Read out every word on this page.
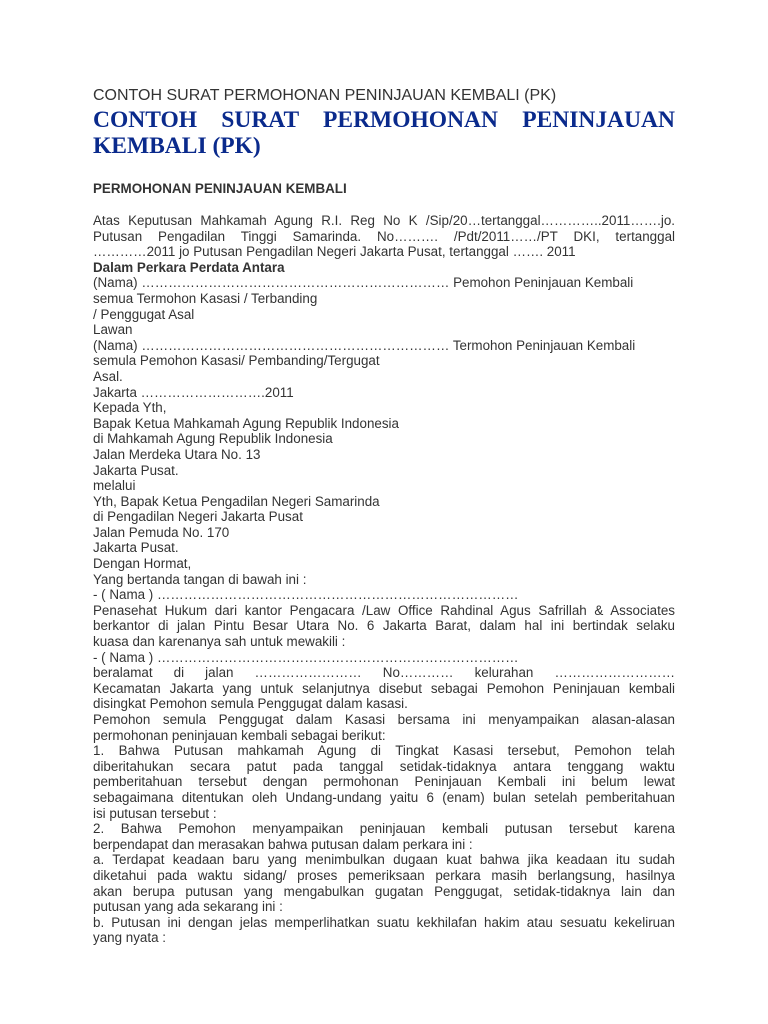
CONTOH SURAT PERMOHONAN PENINJAUAN KEMBALI (PK)
CONTOH SURAT PERMOHONAN PENINJAUAN
KEMBALI (PK)
PERMOHONAN PENINJAUAN KEMBALI
Atas Keputusan Mahkamah Agung R.I. Reg No K /Sip/20…tertanggal…………..2011…….jo.
Putusan Pengadilan Tinggi Samarinda. No………. /Pdt/2011……/PT DKI, tertanggal
…………2011 jo Putusan Pengadilan Negeri Jakarta Pusat, tertanggal ……. 2011
Dalam Perkara Perdata Antara
(Nama) …………………………………………………………… Pemohon Peninjauan Kembali
semua Termohon Kasasi / Terbanding
/ Penggugat Asal
Lawan
(Nama) …………………………………………………………… Termohon Peninjauan Kembali
semula Pemohon Kasasi/ Pembanding/Tergugat
Asal.
Jakarta ……………………….2011
Kepada Yth,
Bapak Ketua Mahkamah Agung Republik Indonesia
di Mahkamah Agung Republik Indonesia
Jalan Merdeka Utara No. 13
Jakarta Pusat.
melalui
Yth, Bapak Ketua Pengadilan Negeri Samarinda
di Pengadilan Negeri Jakarta Pusat
Jalan Pemuda No. 170
Jakarta Pusat.
Dengan Hormat,
Yang bertanda tangan di bawah ini :
- ( Nama ) ………………………………………………………………………
Penasehat Hukum dari kantor Pengacara /Law Office Rahdinal Agus Safrillah & Associates
berkantor di jalan Pintu Besar Utara No. 6 Jakarta Barat, dalam hal ini bertindak selaku
kuasa dan karenanya sah untuk mewakili :
- ( Nama ) ………………………………………………………………………
beralamat di jalan …………………… No………… kelurahan ………………………
Kecamatan Jakarta yang untuk selanjutnya disebut sebagai Pemohon Peninjauan kembali
disingkat Pemohon semula Penggugat dalam kasasi.
Pemohon semula Penggugat dalam Kasasi bersama ini menyampaikan alasan-alasan
permohonan peninjauan kembali sebagai berikut:
1. Bahwa Putusan mahkamah Agung di Tingkat Kasasi tersebut, Pemohon telah
diberitahukan secara patut pada tanggal setidak-tidaknya antara tenggang waktu
pemberitahuan tersebut dengan permohonan Peninjauan Kembali ini belum lewat
sebagaimana ditentukan oleh Undang-undang yaitu 6 (enam) bulan setelah pemberitahuan
isi putusan tersebut :
2. Bahwa Pemohon menyampaikan peninjauan kembali putusan tersebut karena
berpendapat dan merasakan bahwa putusan dalam perkara ini :
a. Terdapat keadaan baru yang menimbulkan dugaan kuat bahwa jika keadaan itu sudah
diketahui pada waktu sidang/ proses pemeriksaan perkara masih berlangsung, hasilnya
akan berupa putusan yang mengabulkan gugatan Penggugat, setidak-tidaknya lain dan
putusan yang ada sekarang ini :
b. Putusan ini dengan jelas memperlihatkan suatu kekhilafan hakim atau sesuatu kekeliruan
yang nyata :
